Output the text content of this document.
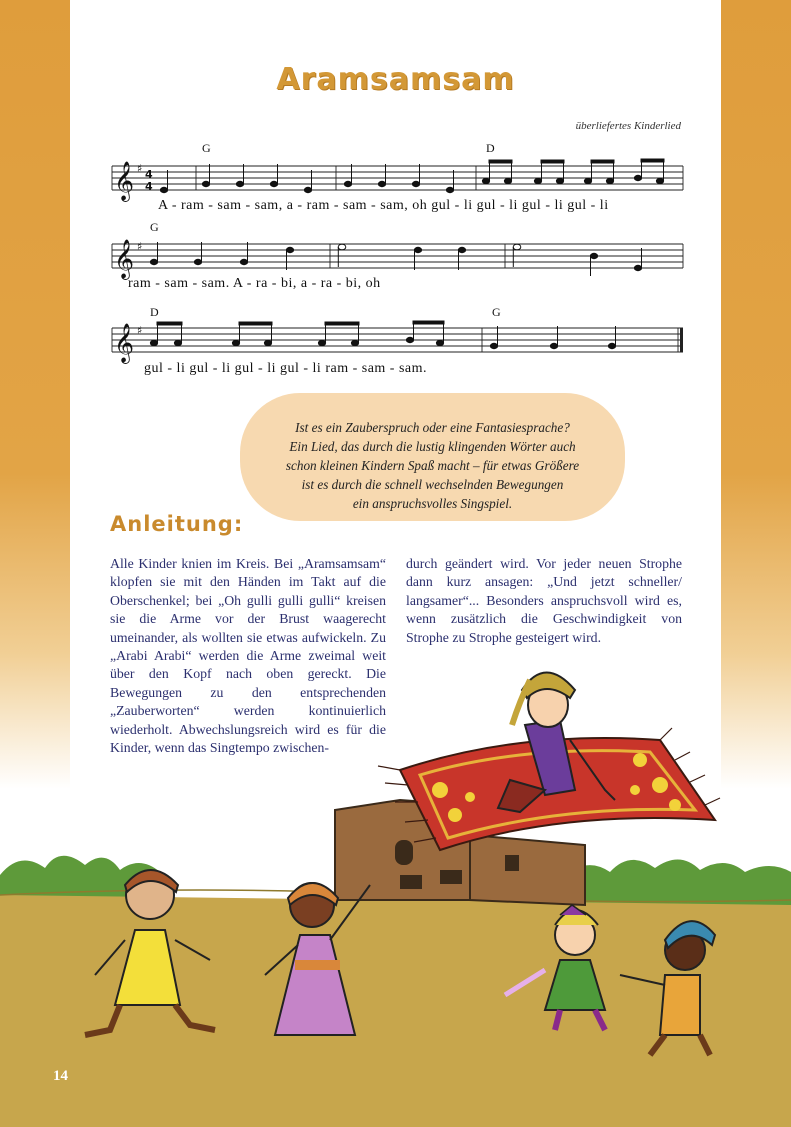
Aramsamsam
überliefertes Kinderlied
𝄞
𝄞
𝄞
♯
♯
♯
4
4
G	D
G
D	G
A - ram - sam - sam, a - ram - sam - sam, oh gul - li gul - li gul - li gul - li
ram - sam - sam. A - ra - bi, a - ra - bi, oh
gul - li gul - li gul - li gul - li ram - sam - sam.
Ist es ein Zauberspruch oder eine Fantasiesprache?
Ein Lied, das durch die lustig klingenden Wörter auch
schon kleinen Kindern Spaß macht – für etwas Größere
ist es durch die schnell wechselnden Bewegungen
ein anspruchsvolles Singspiel.
Anleitung:
Alle Kinder knien im Kreis. Bei „Aramsamsam“ klopfen sie mit den Händen im Takt auf die Oberschenkel; bei „Oh gulli gulli gulli“ kreisen sie die Arme vor der Brust waagerecht umeinander, als wollten sie etwas aufwickeln. Zu „Arabi Arabi“ werden die Arme zweimal weit über den Kopf nach oben gereckt. Die Bewegungen zu den entsprechenden „Zauberworten“ werden kontinuierlich wiederholt. Abwechslungsreich wird es für die Kinder, wenn das Singtempo zwischen-
durch geändert wird. Vor jeder neuen Strophe dann kurz ansagen: „Und jetzt schneller/ langsamer“... Besonders anspruchsvoll wird es, wenn zusätzlich die Geschwindigkeit von Strophe zu Strophe gesteigert wird.
14
